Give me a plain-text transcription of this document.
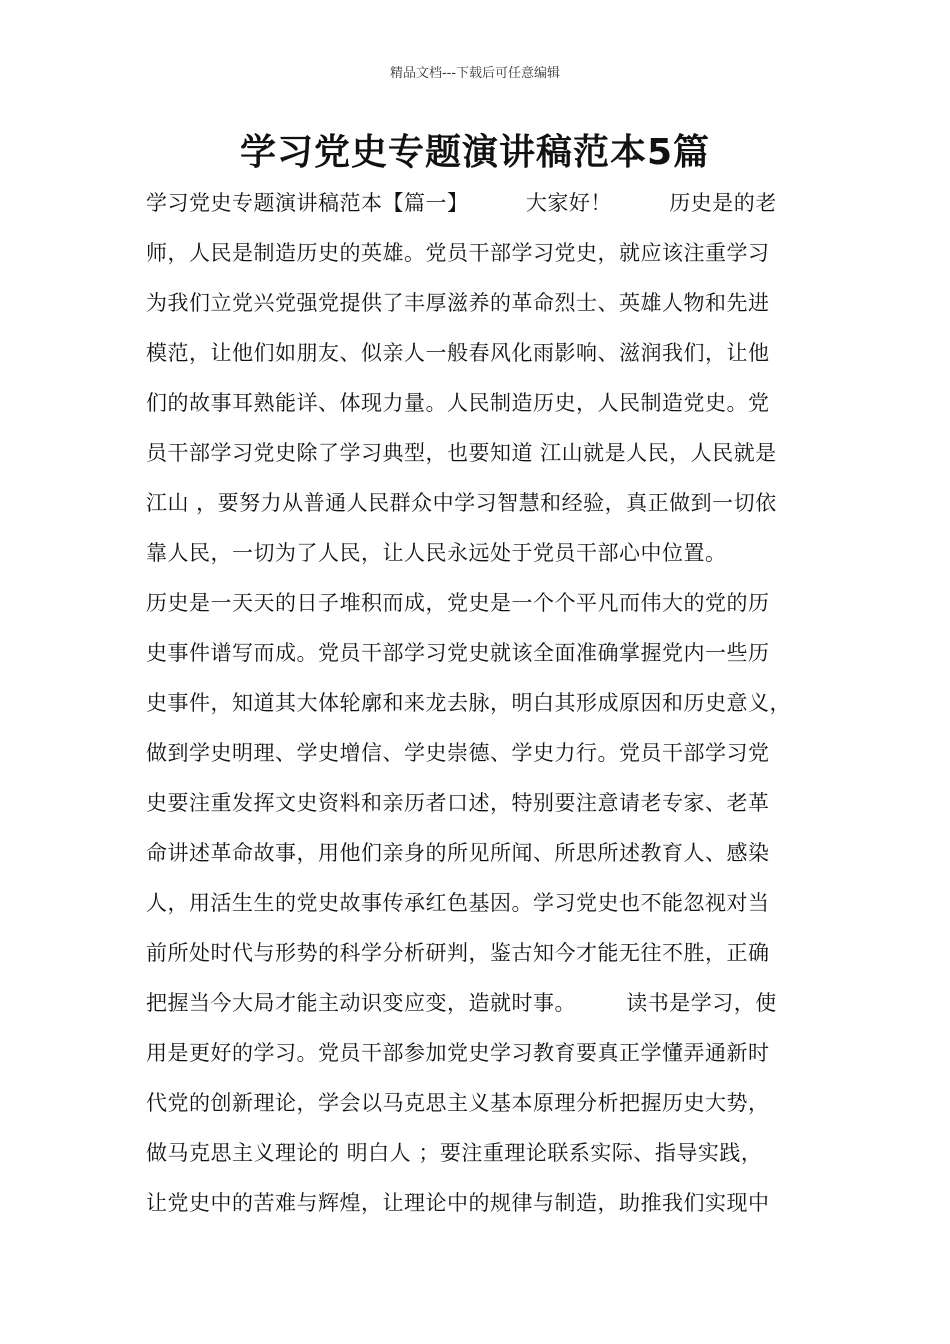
精品文档---下载后可任意编辑
学习党史专题演讲稿范本5篇
学习党史专题演讲稿范本【篇一】        大家好！        历史是的老
师，人民是制造历史的英雄。党员干部学习党史，就应该注重学习
为我们立党兴党强党提供了丰厚滋养的革命烈士、英雄人物和先进
模范，让他们如朋友、似亲人一般春风化雨影响、滋润我们，让他
们的故事耳熟能详、体现力量。人民制造历史，人民制造党史。党
员干部学习党史除了学习典型，也要知道 江山就是人民，人民就是
江山 ，要努力从普通人民群众中学习智慧和经验，真正做到一切依
靠人民，一切为了人民，让人民永远处于党员干部心中位置。
历史是一天天的日子堆积而成，党史是一个个平凡而伟大的党的历
史事件谱写而成。党员干部学习党史就该全面准确掌握党内一些历
史事件，知道其大体轮廓和来龙去脉，明白其形成原因和历史意义，
做到学史明理、学史增信、学史崇德、学史力行。党员干部学习党
史要注重发挥文史资料和亲历者口述，特别要注意请老专家、老革
命讲述革命故事，用他们亲身的所见所闻、所思所述教育人、感染
人，用活生生的党史故事传承红色基因。学习党史也不能忽视对当
前所处时代与形势的科学分析研判，鉴古知今才能无往不胜，正确
把握当今大局才能主动识变应变，造就时事。       读书是学习，使
用是更好的学习。党员干部参加党史学习教育要真正学懂弄通新时
代党的创新理论，学会以马克思主义基本原理分析把握历史大势，
做马克思主义理论的 明白人 ；要注重理论联系实际、指导实践，
让党史中的苦难与辉煌，让理论中的规律与制造，助推我们实现中
